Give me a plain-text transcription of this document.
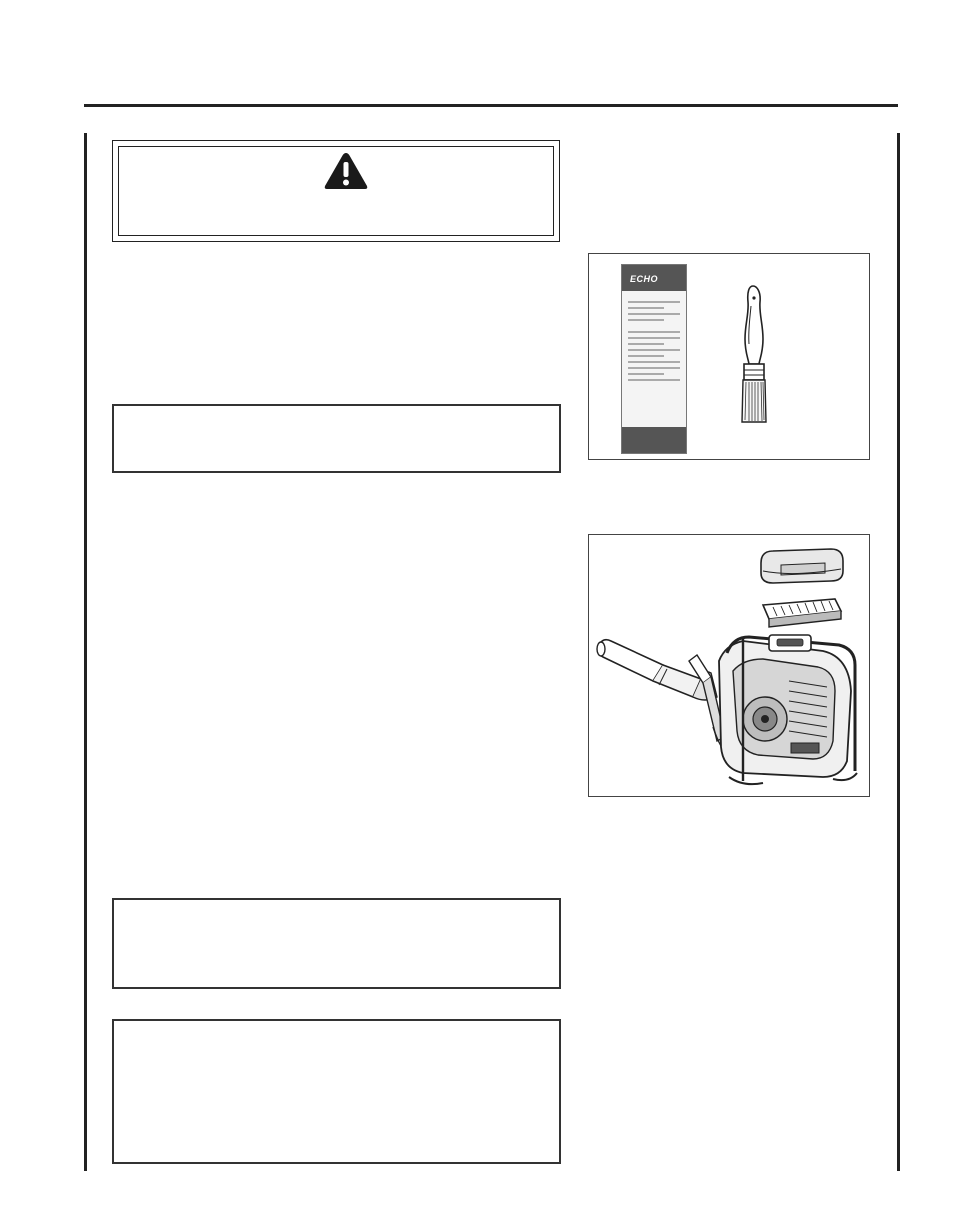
ECHO
